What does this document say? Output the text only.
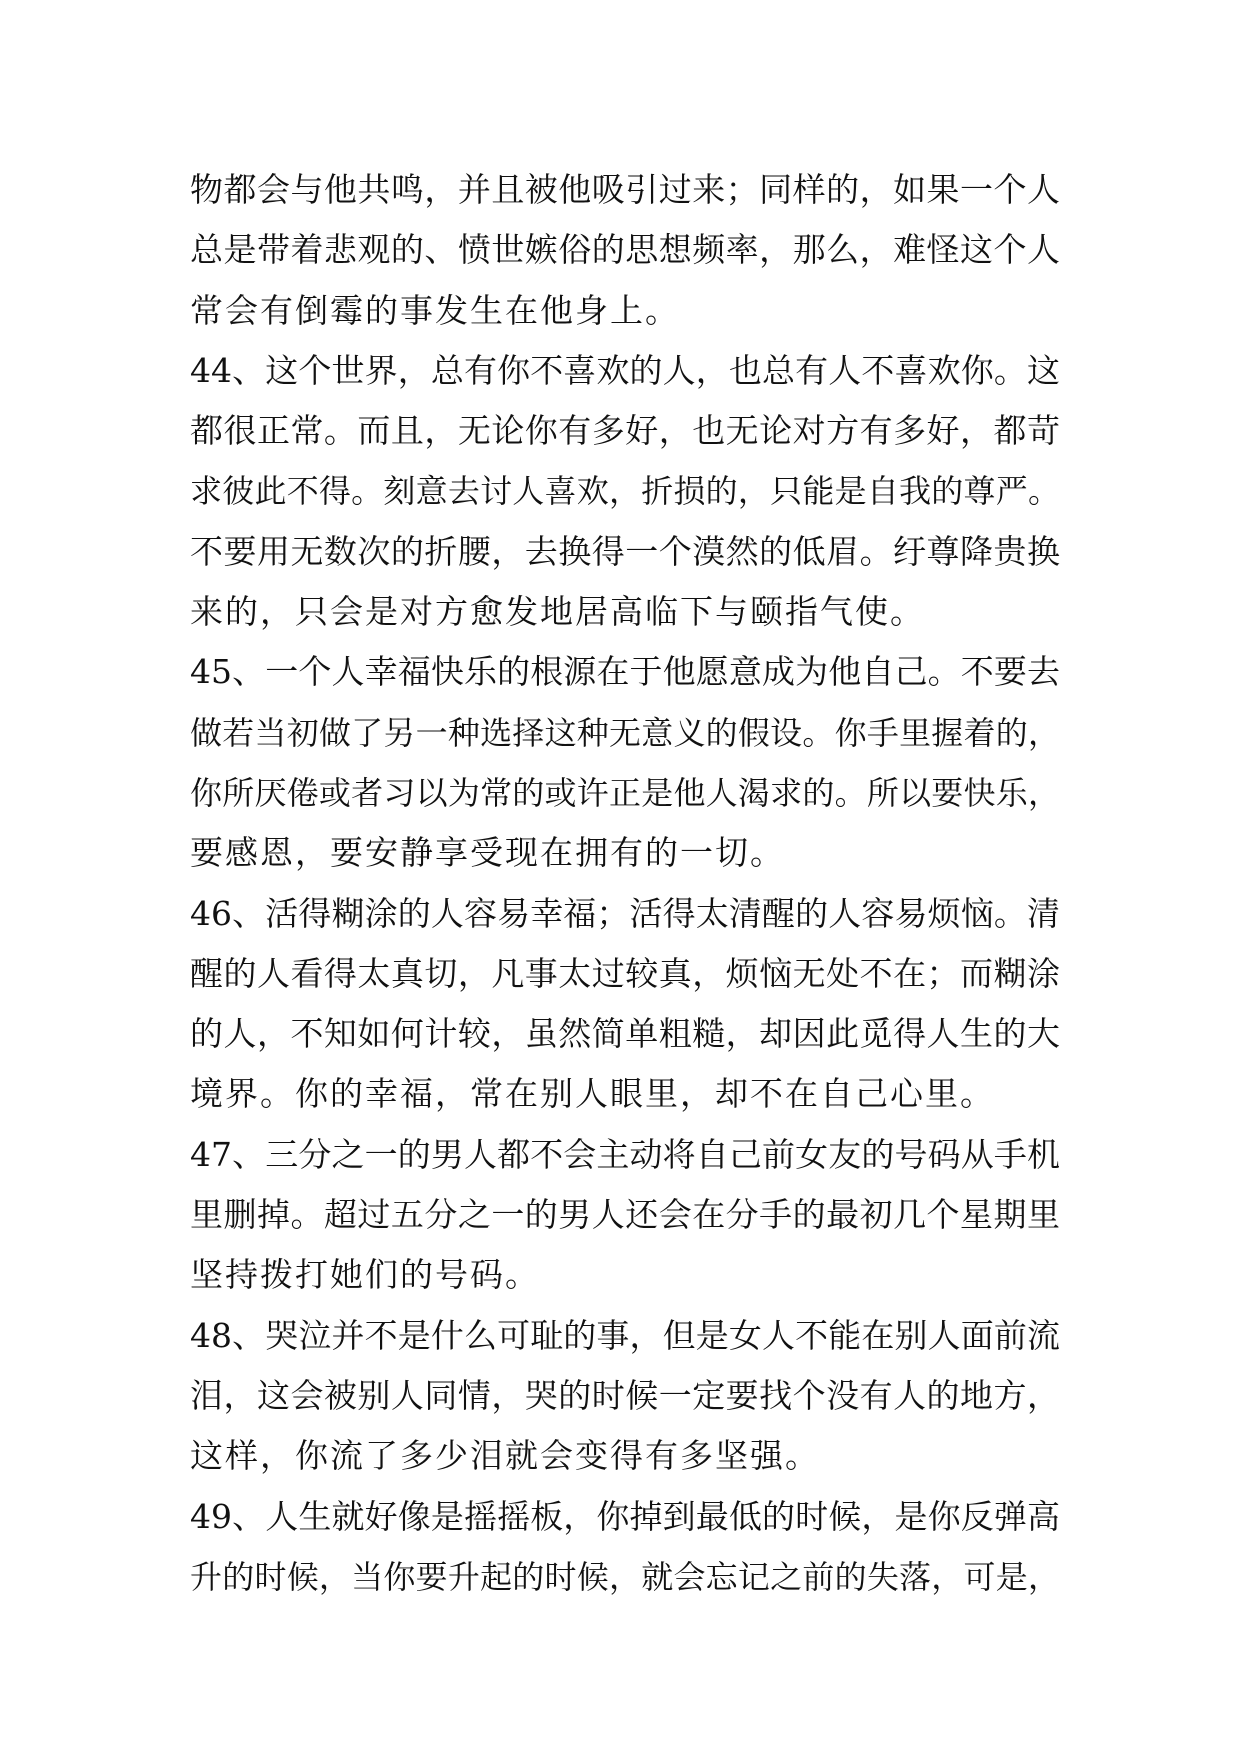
物都会与他共鸣，并且被他吸引过来；同样的，如果一个人
总是带着悲观的、愤世嫉俗的思想频率，那么，难怪这个人
常会有倒霉的事发生在他身上。
44、这个世界，总有你不喜欢的人，也总有人不喜欢你。这
都很正常。而且，无论你有多好，也无论对方有多好，都苛
求彼此不得。刻意去讨人喜欢，折损的，只能是自我的尊严。
不要用无数次的折腰，去换得一个漠然的低眉。纡尊降贵换
来的，只会是对方愈发地居高临下与颐指气使。
45、一个人幸福快乐的根源在于他愿意成为他自己。不要去
做若当初做了另一种选择这种无意义的假设。你手里握着的，
你所厌倦或者习以为常的或许正是他人渴求的。所以要快乐，
要感恩，要安静享受现在拥有的一切。
46、活得糊涂的人容易幸福；活得太清醒的人容易烦恼。清
醒的人看得太真切，凡事太过较真，烦恼无处不在；而糊涂
的人，不知如何计较，虽然简单粗糙，却因此觅得人生的大
境界。你的幸福，常在别人眼里，却不在自己心里。
47、三分之一的男人都不会主动将自己前女友的号码从手机
里删掉。超过五分之一的男人还会在分手的最初几个星期里
坚持拨打她们的号码。
48、哭泣并不是什么可耻的事，但是女人不能在别人面前流
泪，这会被别人同情，哭的时候一定要找个没有人的地方，
这样，你流了多少泪就会变得有多坚强。
49、人生就好像是摇摇板，你掉到最低的时候，是你反弹高
升的时候，当你要升起的时候，就会忘记之前的失落，可是，
